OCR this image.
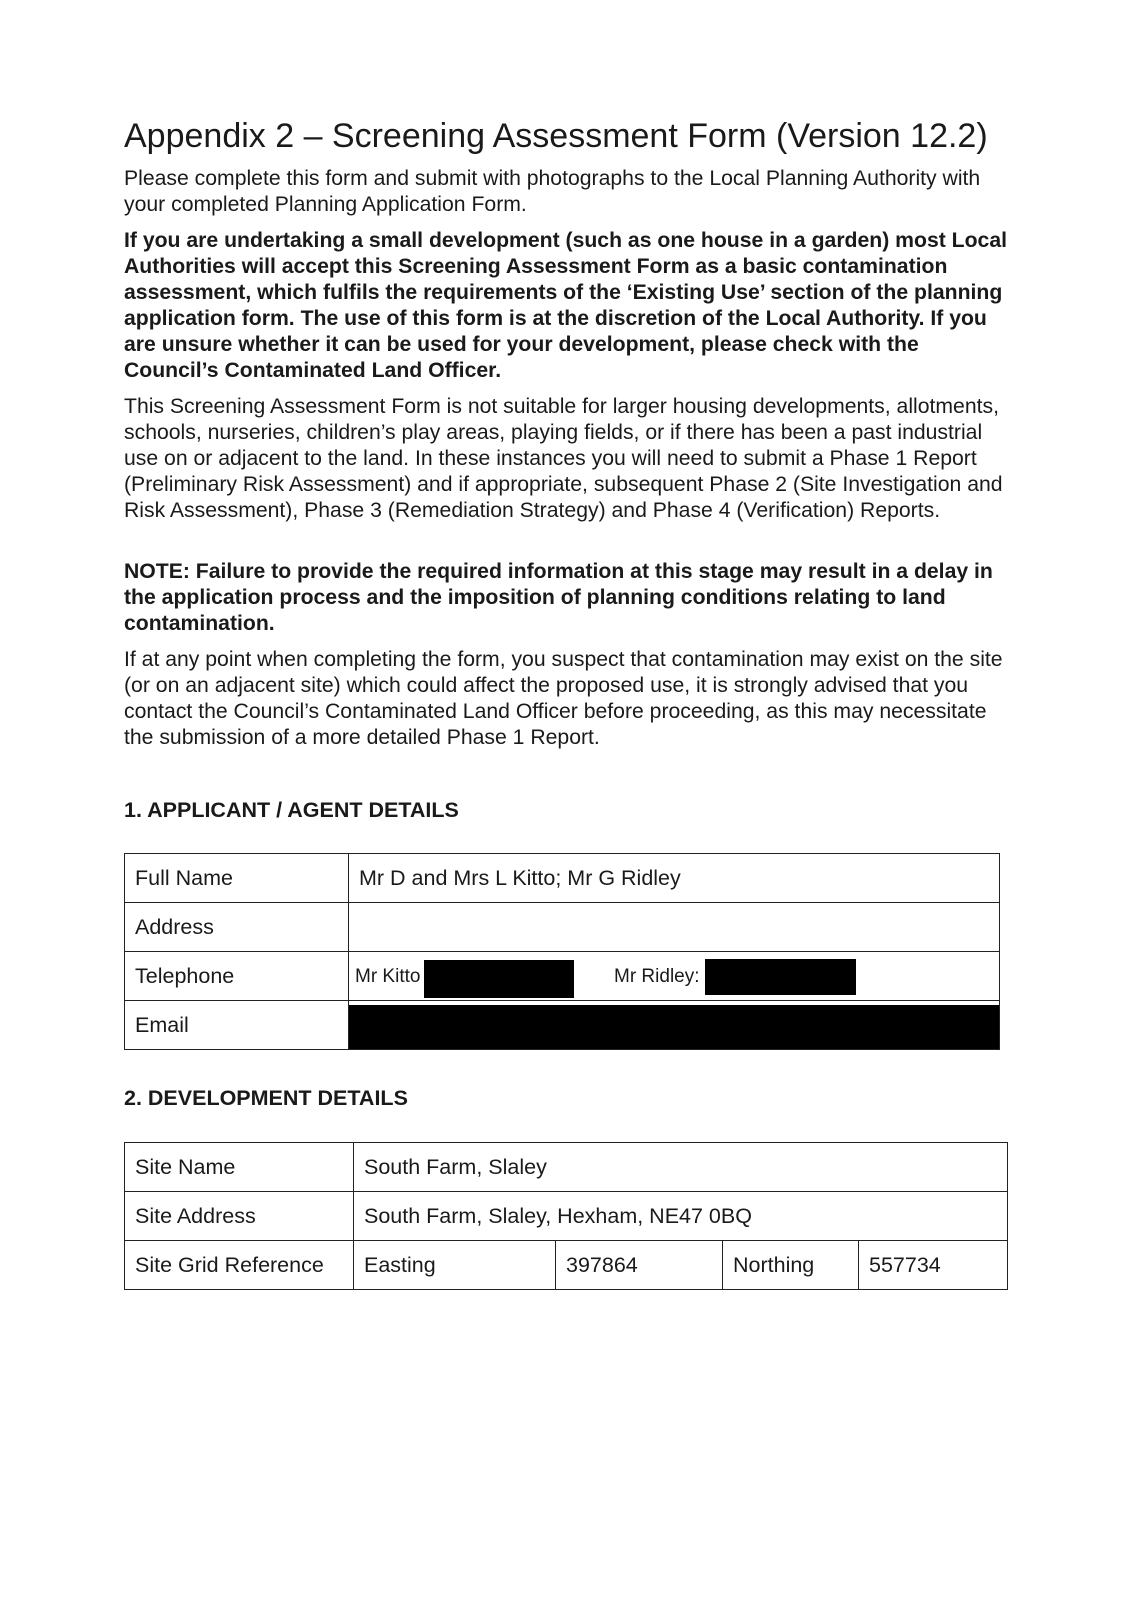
Appendix 2 – Screening Assessment Form (Version 12.2)

Please complete this form and submit with photographs to the Local Planning Authority with your completed Planning Application Form.

If you are undertaking a small development (such as one house in a garden) most Local Authorities will accept this Screening Assessment Form as a basic contamination assessment, which fulfils the requirements of the ‘Existing Use’ section of the planning application form. The use of this form is at the discretion of the Local Authority. If you are unsure whether it can be used for your development, please check with the Council’s Contaminated Land Officer.

This Screening Assessment Form is not suitable for larger housing developments, allotments, schools, nurseries, children’s play areas, playing fields, or if there has been a past industrial use on or adjacent to the land. In these instances you will need to submit a Phase 1 Report (Preliminary Risk Assessment) and if appropriate, subsequent Phase 2 (Site Investigation and Risk Assessment), Phase 3 (Remediation Strategy) and Phase 4 (Verification) Reports.

NOTE: Failure to provide the required information at this stage may result in a delay in the application process and the imposition of planning conditions relating to land contamination.

If at any point when completing the form, you suspect that contamination may exist on the site (or on an adjacent site) which could affect the proposed use, it is strongly advised that you contact the Council’s Contaminated Land Officer before proceeding, as this may necessitate the submission of a more detailed Phase 1 Report.

1. APPLICANT / AGENT DETAILS
Full Name	Mr D and Mrs L Kitto; Mr G Ridley
Address	
Telephone	Mr Kitto Mr Ridley:

Email	
2. DEVELOPMENT DETAILS
Site Name	South Farm, Slaley			
Site Address	South Farm, Slaley, Hexham, NE47 0BQ			
Site Grid Reference	Easting	397864	Northing	557734
